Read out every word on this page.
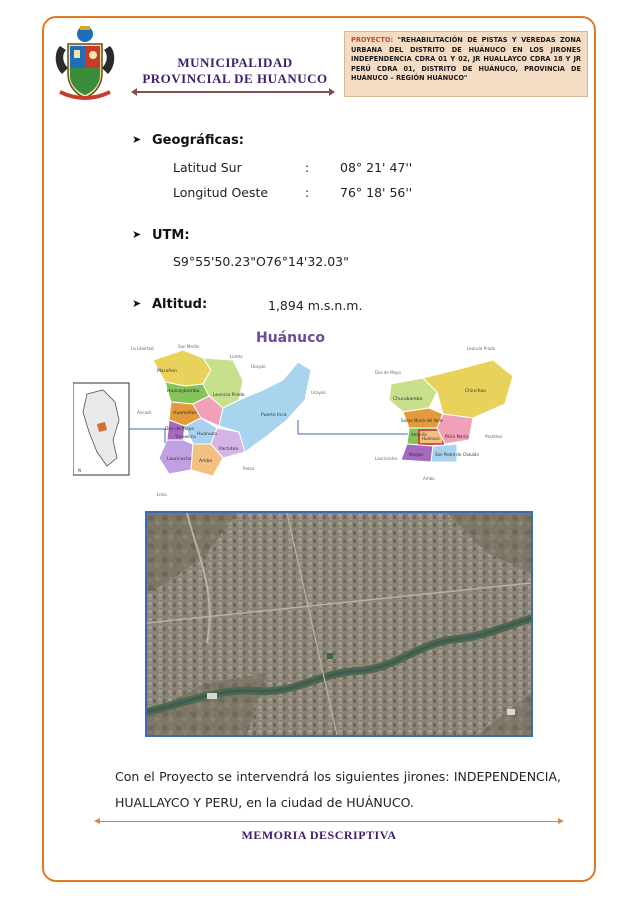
MUNICIPALIDAD
PROVINCIAL DE HUANUCO
PROYECTO: "REHABILITACIÓN DE PISTAS Y VEREDAS ZONA URBANA DEL DISTRITO DE HUÁNUCO EN LOS JIRONES INDEPENDENCIA CDRA 01 Y 02, JR HUALLAYCO CDRA 18 Y JR PERÚ CDRA 01, DISTRITO DE HUÁNUCO, PROVINCIA DE HUÁNUCO – REGIÓN HUÁNUCO"
➤ Geográficas:
Latitud Sur	: 08° 21' 47''
Longitud Oeste	: 76° 18' 56''
➤ UTM:
S9°55'50.23"O76°14'32.03"
➤ Altitud:	1,894 m.s.n.m.
N
Huánuco
Marañon
Huacaybamba
Leoncio Prado
Huamalíes
Dos de Mayo
Yarowilca
Huánuco
Puerto Inca
Lauricocha Ambo
Pachitea
La Libertad	San Martín
Loreto
Ucayali
Ucayali
Áncash
Pasco
Lima
Churubamba
Chinchao
Santa María del Valle
Amarilis
Huánuco Pillco Marca
San Pedro de Chaulán
Margos
Pachitea
Lauricocha
Ambo
Leoncio Prado
Dos de Mayo
Con el Proyecto se intervendrá los siguientes jirones: INDEPENDENCIA, HUALLAYCO Y PERU, en la ciudad de HUÁNUCO.
MEMORIA DESCRIPTIVA
